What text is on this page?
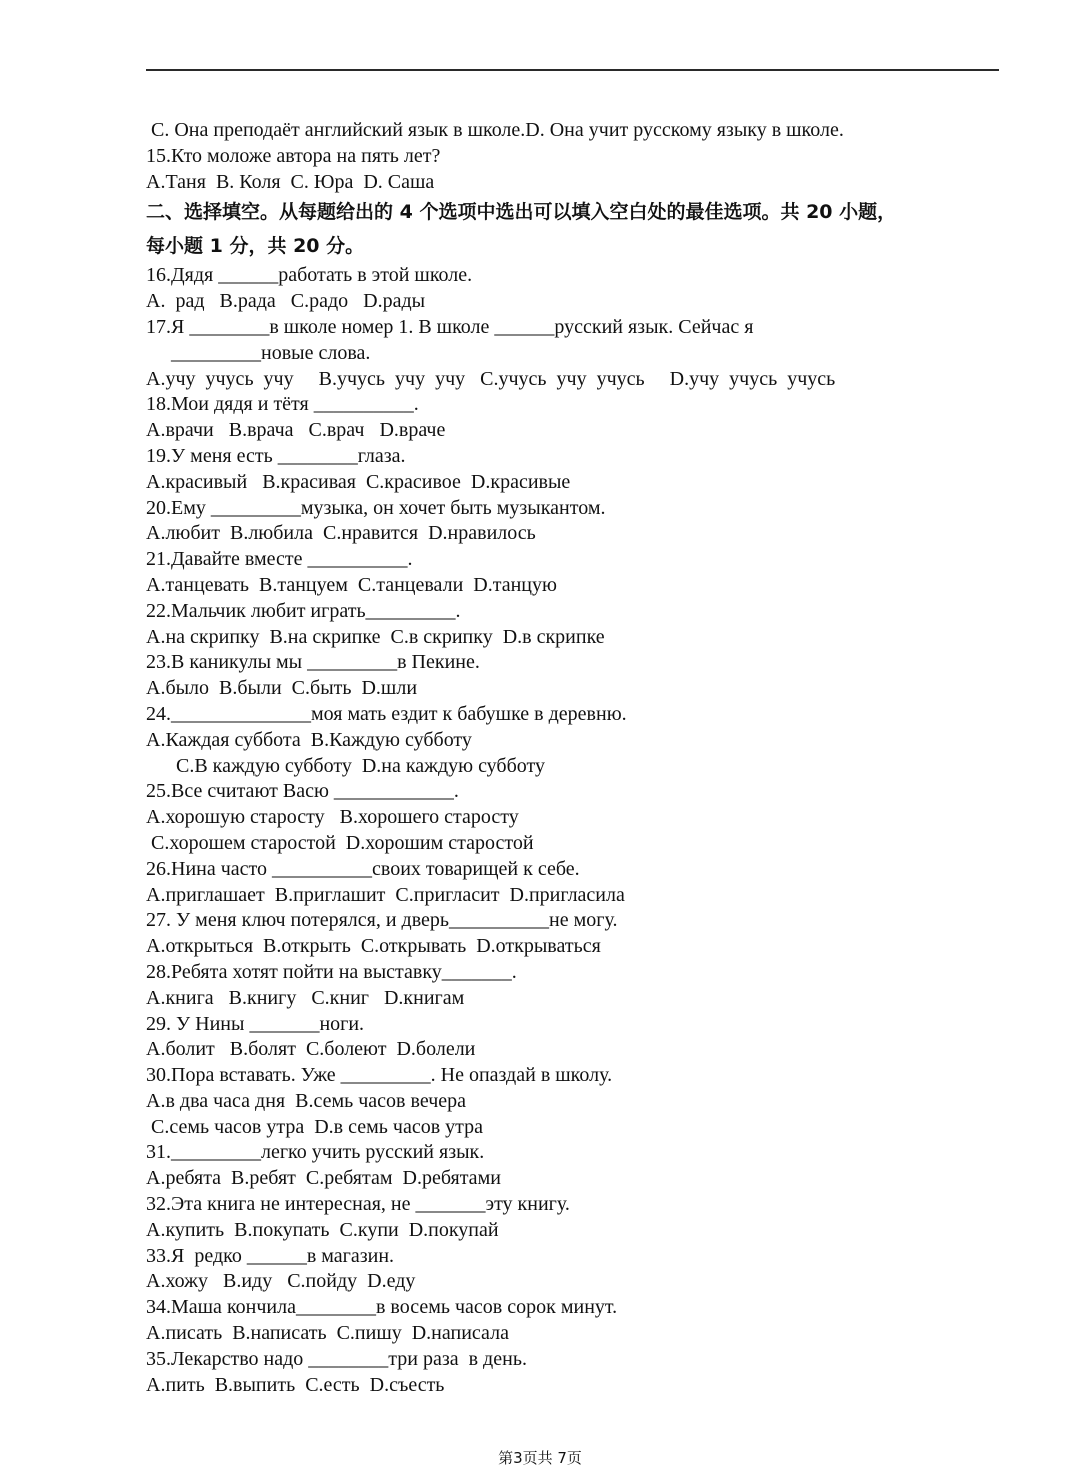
C. Она преподаёт английский язык в школе.D. Она учит русскому языку в школе.
15.Кто моложе автора на пять лет?
A.Таня  B. Коля  C. Юра  D. Саша
二、选择填空。从每题给出的 4 个选项中选出可以填入空白处的最佳选项。共 20 小题，
每小题 1 分，共 20 分。
16.Дядя ______работать в этой школе.
A.  рад   B.рада   C.радо   D.рады
17.Я ________в школе номер 1. В школе ______русский язык. Сейчас я
_________новые слова.
A.учу  учусь  учу     B.учусь  учу  учу   C.учусь  учу  учусь     D.учу  учусь  учусь
18.Мои дядя и тётя __________.
A.врачи   B.врача   C.врач   D.враче
19.У меня есть ________глаза.
A.красивый   B.красивая  C.красивое  D.красивые
20.Ему _________музыка, он хочет быть музыкантом.
A.любит  B.любила  C.нравится  D.нравилось
21.Давайте вместе __________.
A.танцевать  B.танцуем  C.танцевали  D.танцую
22.Мальчик любит играть_________.
A.на скрипку  B.на скрипке  C.в скрипку  D.в скрипке
23.В каникулы мы _________в Пекине.
A.было  B.были  C.быть  D.шли
24.______________моя мать ездит к бабушке в деревню.
A.Каждая суббота  B.Каждую субботу
C.В каждую субботу  D.на каждую субботу
25.Все считают Васю ____________.
A.хорошую старосту   B.хорошего старосту
C.хорошем старостой  D.хорошим старостой
26.Нина часто __________своих товарищей к себе.
A.приглашает  B.приглашит  C.пригласит  D.пригласила
27. У меня ключ потерялся, и дверь__________не могу.
A.открыться  B.открыть  C.открывать  D.открываться
28.Ребята хотят пойти на выставку_______.
A.книга   B.книгу   C.книг   D.книгам
29. У Нины _______ноги.
A.болит   B.болят  C.болеют  D.болели
30.Пора вставать. Уже _________. Не опаздай в школу.
A.в два часа дня  B.семь часов вечера
C.семь часов утра  D.в семь часов утра
31._________легко учить русский язык.
A.ребята  B.ребят  C.ребятам  D.ребятами
32.Эта книга не интересная, не _______эту книгу.
A.купить  B.покупать  C.купи  D.покупай
33.Я  редко ______в магазин.
A.хожу   B.иду   C.пойду  D.еду
34.Маша кончила________в восемь часов сорок минут.
A.писать  B.написать  C.пишу  D.написала
35.Лекарство надо ________три раза  в день.
A.пить  B.выпить  C.есть  D.съесть
第3页共 7页
